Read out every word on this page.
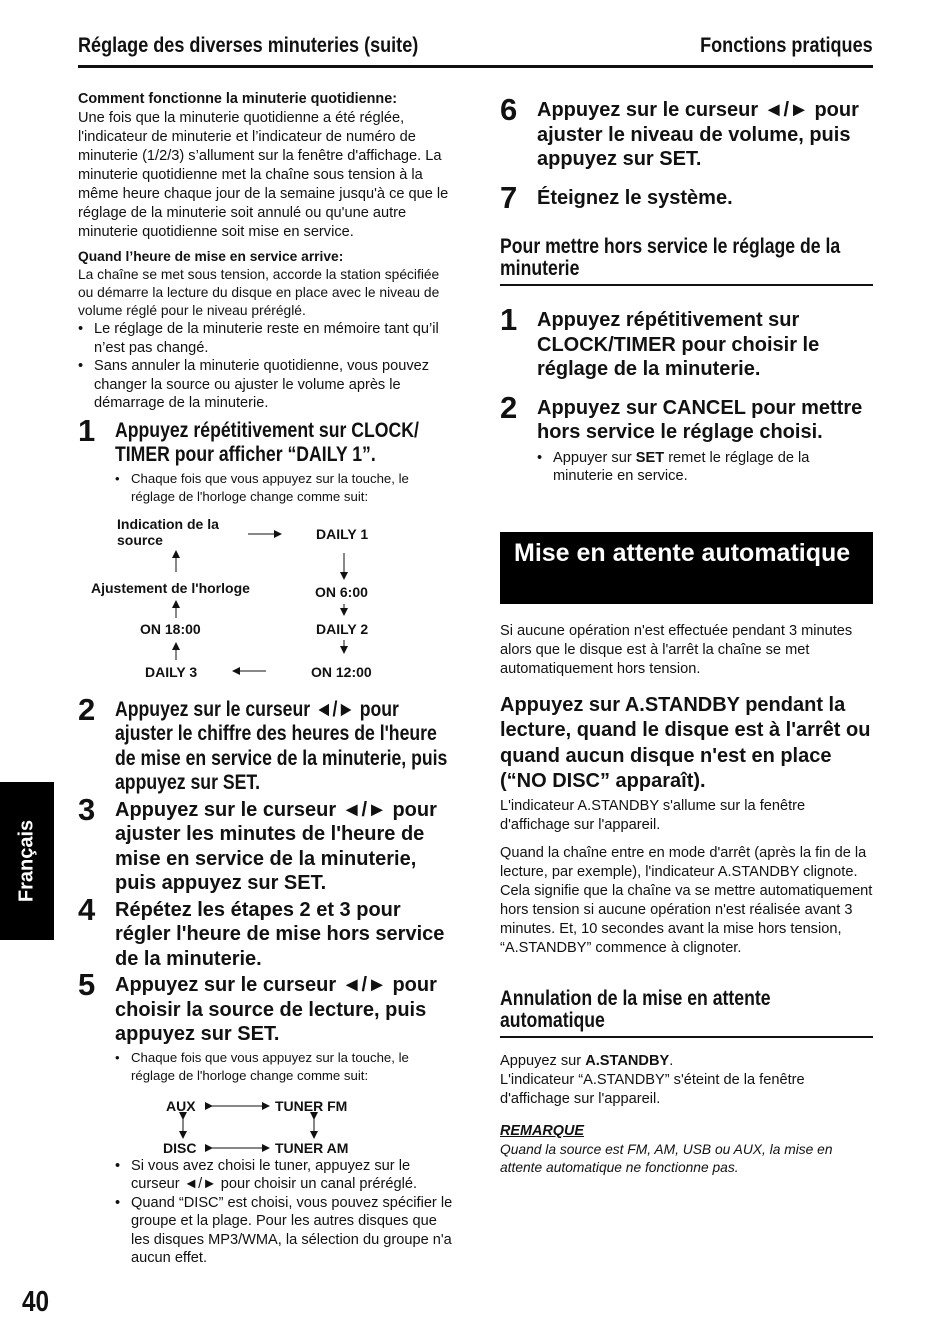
Réglage des diverses minuteries (suite)	Fonctions pratiques
Français

Comment fonctionne la minuterie quotidienne:

Une fois que la minuterie quotidienne a été réglée, l'indicateur de minuterie et l’indicateur de numéro de minuterie (1/2/3) s’allument sur la fenêtre d'affichage. La minuterie quotidienne met la chaîne sous tension à la même heure chaque jour de la semaine jusqu'à ce que le réglage de la minuterie soit annulé ou qu'une autre minuterie quotidienne soit mise en service.

Quand l’heure de mise en service arrive:

La chaîne se met sous tension, accorde la station spécifiée ou démarre la lecture du disque en place avec le niveau de volume réglé pour le niveau préréglé.

• Le réglage de la minuterie reste en mémoire tant qu’il n’est pas changé.
• Sans annuler la minuterie quotidienne, vous pouvez changer la source ou ajuster le volume après le démarrage de la minuterie.
1 Appuyez répétitivement sur CLOCK/ TIMER pour afficher “DAILY 1”.
• Chaque fois que vous appuyez sur la touche, le réglage de l'horloge change comme suit:
Indication de la source	DAILY 1
Ajustement de l'horloge	ON 6:00
ON 18:00	DAILY 2
DAILY 3	ON 12:00
2 Appuyez sur le curseur ◄/► pour ajuster le chiffre des heures de l'heure de mise en service de la minuterie, puis appuyez sur SET.
3 Appuyez sur le curseur ◄/► pour ajuster les minutes de l'heure de mise en service de la minuterie, puis appuyez sur SET.
4 Répétez les étapes 2 et 3 pour régler l'heure de mise hors service de la minuterie.
5 Appuyez sur le curseur ◄/► pour choisir la source de lecture, puis appuyez sur SET.
• Chaque fois que vous appuyez sur la touche, le réglage de l'horloge change comme suit:
AUX	TUNER FM
DISC	TUNER AM
• Si vous avez choisi le tuner, appuyez sur le curseur ◄/► pour choisir un canal préréglé.
• Quand “DISC” est choisi, vous pouvez spécifier le groupe et la plage. Pour les autres disques que les disques MP3/WMA, la sélection du groupe n'a aucun effet.
6 Appuyez sur le curseur ◄/► pour ajuster le niveau de volume, puis appuyez sur SET.
7 Éteignez le système.
Pour mettre hors service le réglage de la minuterie
1 Appuyez répétitivement sur CLOCK/TIMER pour choisir le réglage de la minuterie.
2 Appuyez sur CANCEL pour mettre hors service le réglage choisi.
• Appuyer sur SET remet le réglage de la minuterie en service.
Mise en attente automatique

Si aucune opération n'est effectuée pendant 3 minutes alors que le disque est à l'arrêt la chaîne se met automatiquement hors tension.

Appuyez sur A.STANDBY pendant la lecture, quand le disque est à l'arrêt ou quand aucun disque n'est en place (“NO DISC” apparaît).

L'indicateur A.STANDBY s'allume sur la fenêtre d'affichage sur l'appareil.

Quand la chaîne entre en mode d'arrêt (après la fin de la lecture, par exemple), l'indicateur A.STANDBY clignote.

Cela signifie que la chaîne va se mettre automatiquement hors tension si aucune opération n'est réalisée avant 3 minutes. Et, 10 secondes avant la mise hors tension, “A.STANDBY” commence à clignoter.

Annulation de la mise en attente automatique

Appuyez sur A.STANDBY.

L'indicateur “A.STANDBY” s'éteint de la fenêtre d'affichage sur l'appareil.

REMARQUE

Quand la source est FM, AM, USB ou AUX, la mise en attente automatique ne fonctionne pas.

40
